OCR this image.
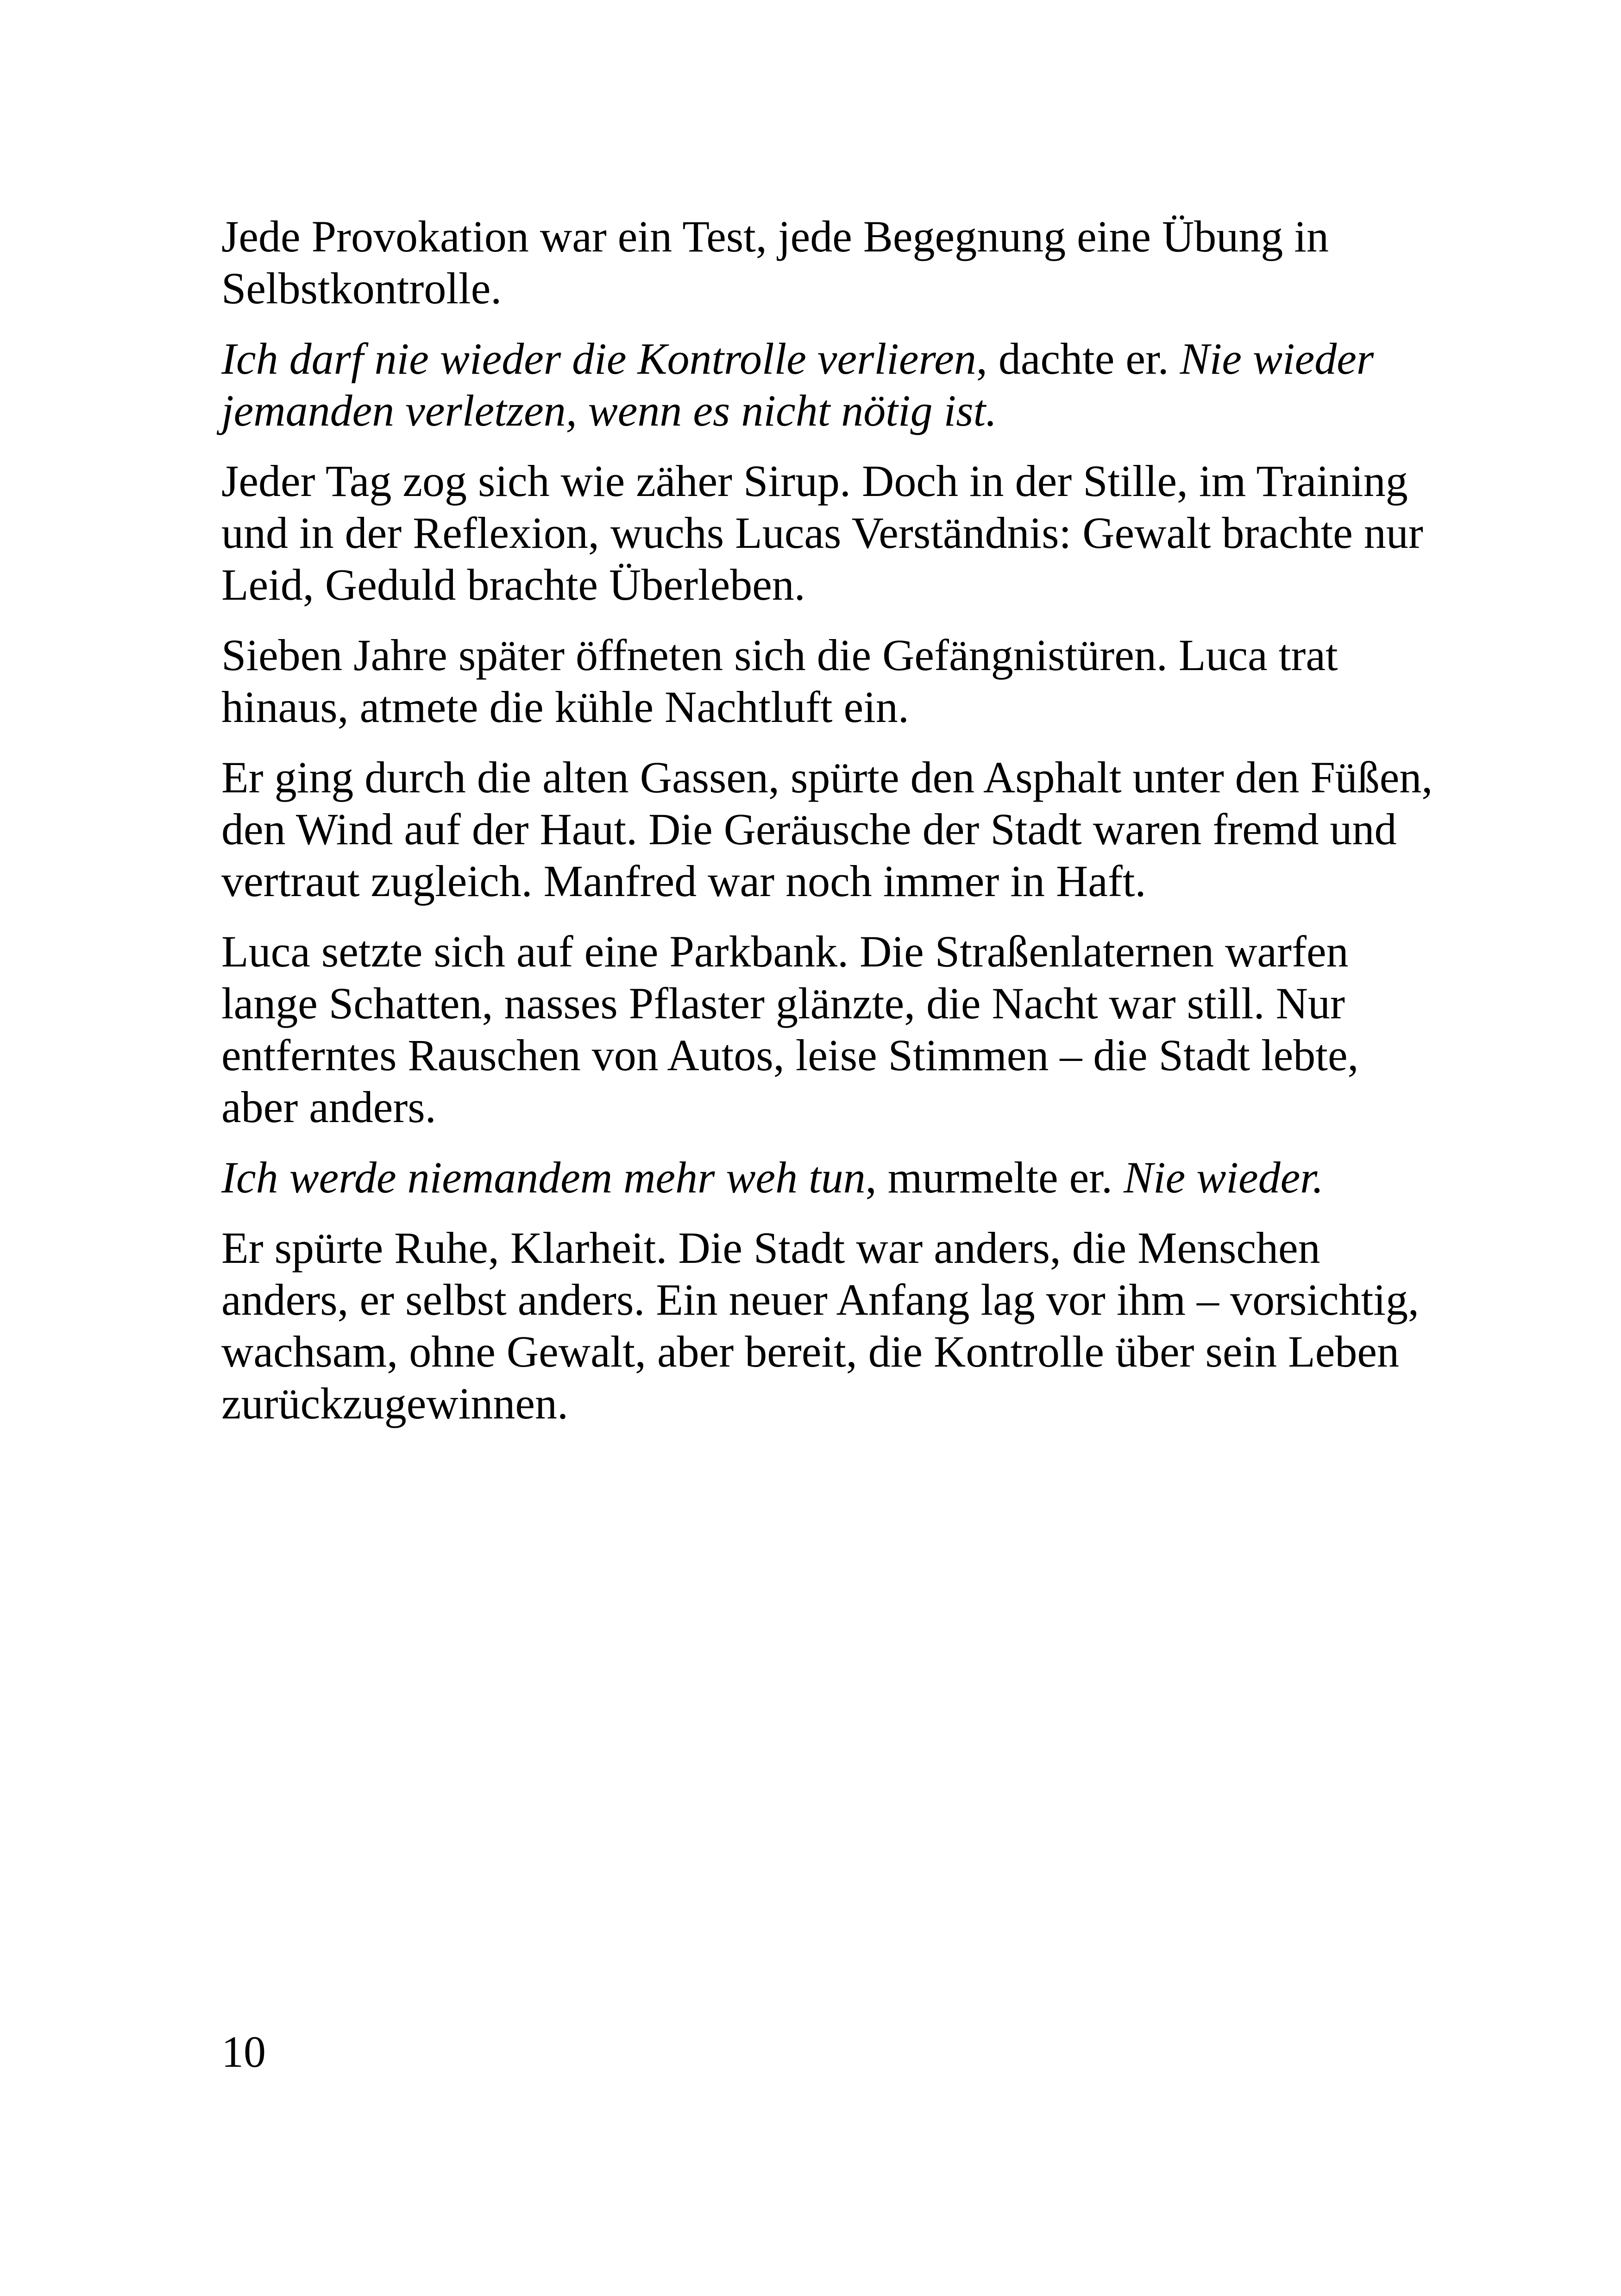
Jede Provokation war ein Test, jede Begegnung eine Übung in Selbstkontrolle.

Ich darf nie wieder die Kontrolle verlieren, dachte er. Nie wieder jemanden verletzen, wenn es nicht nötig ist.

Jeder Tag zog sich wie zäher Sirup. Doch in der Stille, im Training und in der Reflexion, wuchs Lucas Verständnis: Gewalt brachte nur Leid, Geduld brachte Überleben.

Sieben Jahre später öffneten sich die Gefängnistüren. Luca trat hinaus, atmete die kühle Nachtluft ein.

Er ging durch die alten Gassen, spürte den Asphalt unter den Füßen, den Wind auf der Haut. Die Geräusche der Stadt waren fremd und vertraut zugleich. Manfred war noch immer in Haft.

Luca setzte sich auf eine Parkbank. Die Straßenlaternen warfen lange Schatten, nasses Pflaster glänzte, die Nacht war still. Nur entferntes Rauschen von Autos, leise Stimmen – die Stadt lebte, aber anders.

Ich werde niemandem mehr weh tun, murmelte er. Nie wieder.

Er spürte Ruhe, Klarheit. Die Stadt war anders, die Menschen anders, er selbst anders. Ein neuer Anfang lag vor ihm – vorsichtig, wachsam, ohne Gewalt, aber bereit, die Kontrolle über sein Leben zurückzugewinnen.

10
